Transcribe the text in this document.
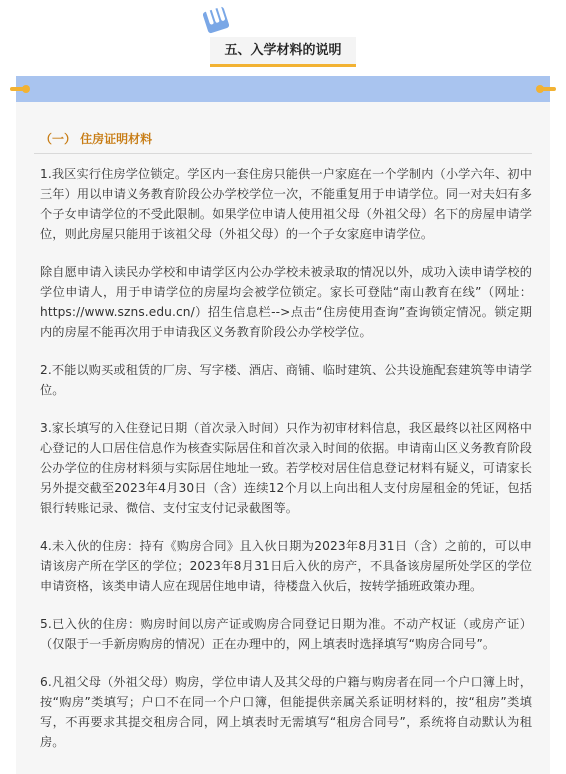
五、入学材料的说明
（一） 住房证明材料

1.我区实行住房学位锁定。学区内一套住房只能供一户家庭在一个学制内（小学六年、初中三年）用以申请义务教育阶段公办学校学位一次，不能重复用于申请学位。同一对夫妇有多个子女申请学位的不受此限制。如果学位申请人使用祖父母（外祖父母）名下的房屋申请学位，则此房屋只能用于该祖父母（外祖父母）的一个子女家庭申请学位。

除自愿申请入读民办学校和申请学区内公办学校未被录取的情况以外，成功入读申请学校的学位申请人，用于申请学位的房屋均会被学位锁定。家长可登陆“南山教育在线”（网址：https://www.szns.edu.cn/）招生信息栏-->点击“住房使用查询”查询锁定情况。锁定期内的房屋不能再次用于申请我区义务教育阶段公办学校学位。

2.不能以购买或租赁的厂房、写字楼、酒店、商铺、临时建筑、公共设施配套建筑等申请学位。

3.家长填写的入住登记日期（首次录入时间）只作为初审材料信息，我区最终以社区网格中心登记的人口居住信息作为核查实际居住和首次录入时间的依据。申请南山区义务教育阶段公办学位的住房材料须与实际居住地址一致。若学校对居住信息登记材料有疑义，可请家长另外提交截至2023年4月30日（含）连续12个月以上向出租人支付房屋租金的凭证，包括银行转账记录、微信、支付宝支付记录截图等。

4.未入伙的住房：持有《购房合同》且入伙日期为2023年8月31日（含）之前的，可以申请该房产所在学区的学位；2023年8月31日后入伙的房产，不具备该房屋所处学区的学位申请资格，该类申请人应在现居住地申请，待楼盘入伙后，按转学插班政策办理。

5.已入伙的住房：购房时间以房产证或购房合同登记日期为准。不动产权证（或房产证）（仅限于一手新房购房的情况）正在办理中的，网上填表时选择填写“购房合同号”。

6.凡祖父母（外祖父母）购房，学位申请人及其父母的户籍与购房者在同一个户口簿上时，按“购房”类填写；户口不在同一个户口簿，但能提供亲属关系证明材料的，按“租房”类填写，不再要求其提交租房合同，网上填表时无需填写“租房合同号”，系统将自动默认为租房。
